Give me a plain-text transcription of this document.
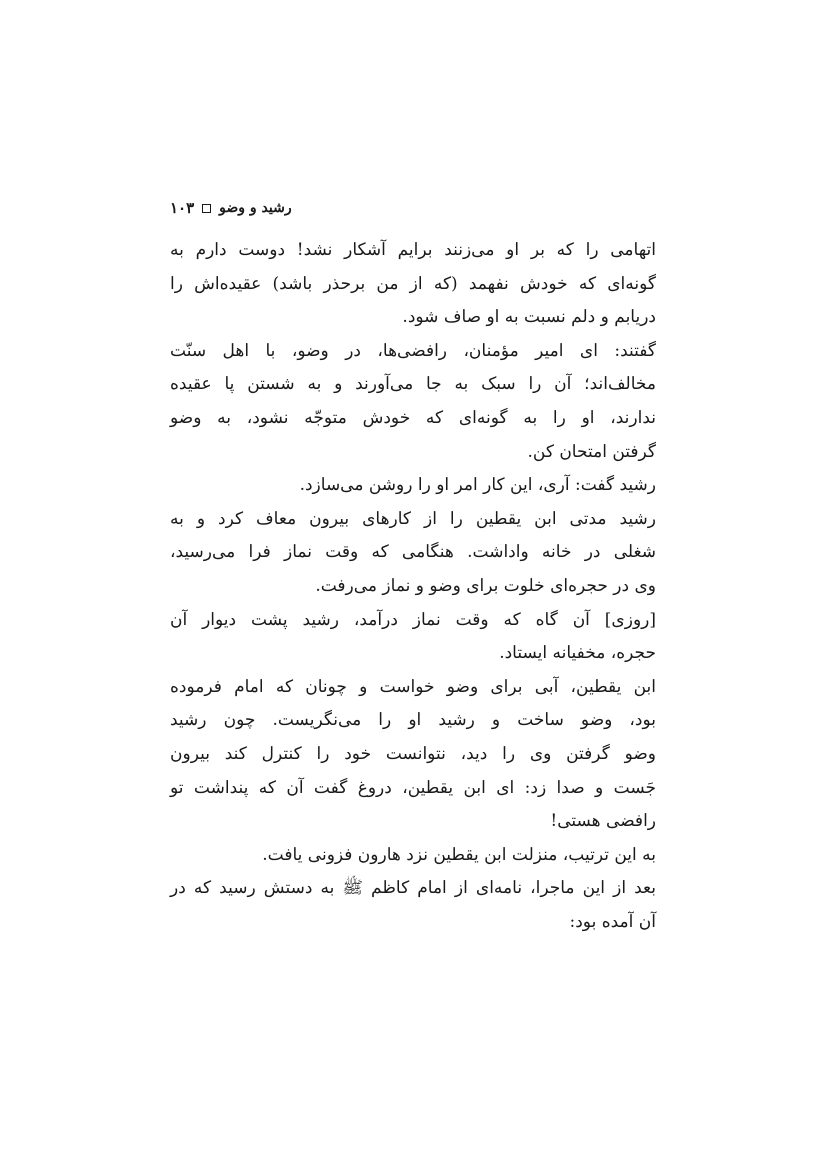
رشید و وضو
۱۰۳
اتهامی را که بر او می‌زنند برایم آشکار نشد! دوست دارم به
گونه‌ای که خودش نفهمد (که از من برحذر باشد) عقیده‌اش را
دریابم و دلم نسبت به او صاف شود.
گفتند: ای امیر مؤمنان، رافضی‌ها، در وضو، با اهل سنّت
مخالف‌اند؛ آن را سبک به جا می‌آورند و به شستن پا عقیده
ندارند، او را به گونه‌ای که خودش متوجّه نشود، به وضو
گرفتن امتحان کن.
رشید گفت: آری، این کار امر او را روشن می‌سازد.
رشید مدتی ابن یقطین را از کارهای بیرون معاف کرد و به
شغلی در خانه واداشت. هنگامی که وقت نماز فرا می‌رسید،
وی در حجره‌ای خلوت برای وضو و نماز می‌رفت.
[روزی] آن گاه که وقت نماز درآمد، رشید پشت دیوار آن
حجره، مخفیانه ایستاد.
ابن یقطین، آبی برای وضو خواست و چونان که امام فرموده
بود، وضو ساخت و رشید او را می‌نگریست. چون رشید
وضو گرفتن وی را دید، نتوانست خود را کنترل کند بیرون
جَست و صدا زد: ای ابن یقطین، دروغ گفت آن که پنداشت تو
رافضی هستی!
به این ترتیب، منزلت ابن یقطین نزد هارون فزونی یافت.
بعد از این ماجرا، نامه‌ای از امام کاظم ﷺ به دستش رسید که در
آن آمده بود:
